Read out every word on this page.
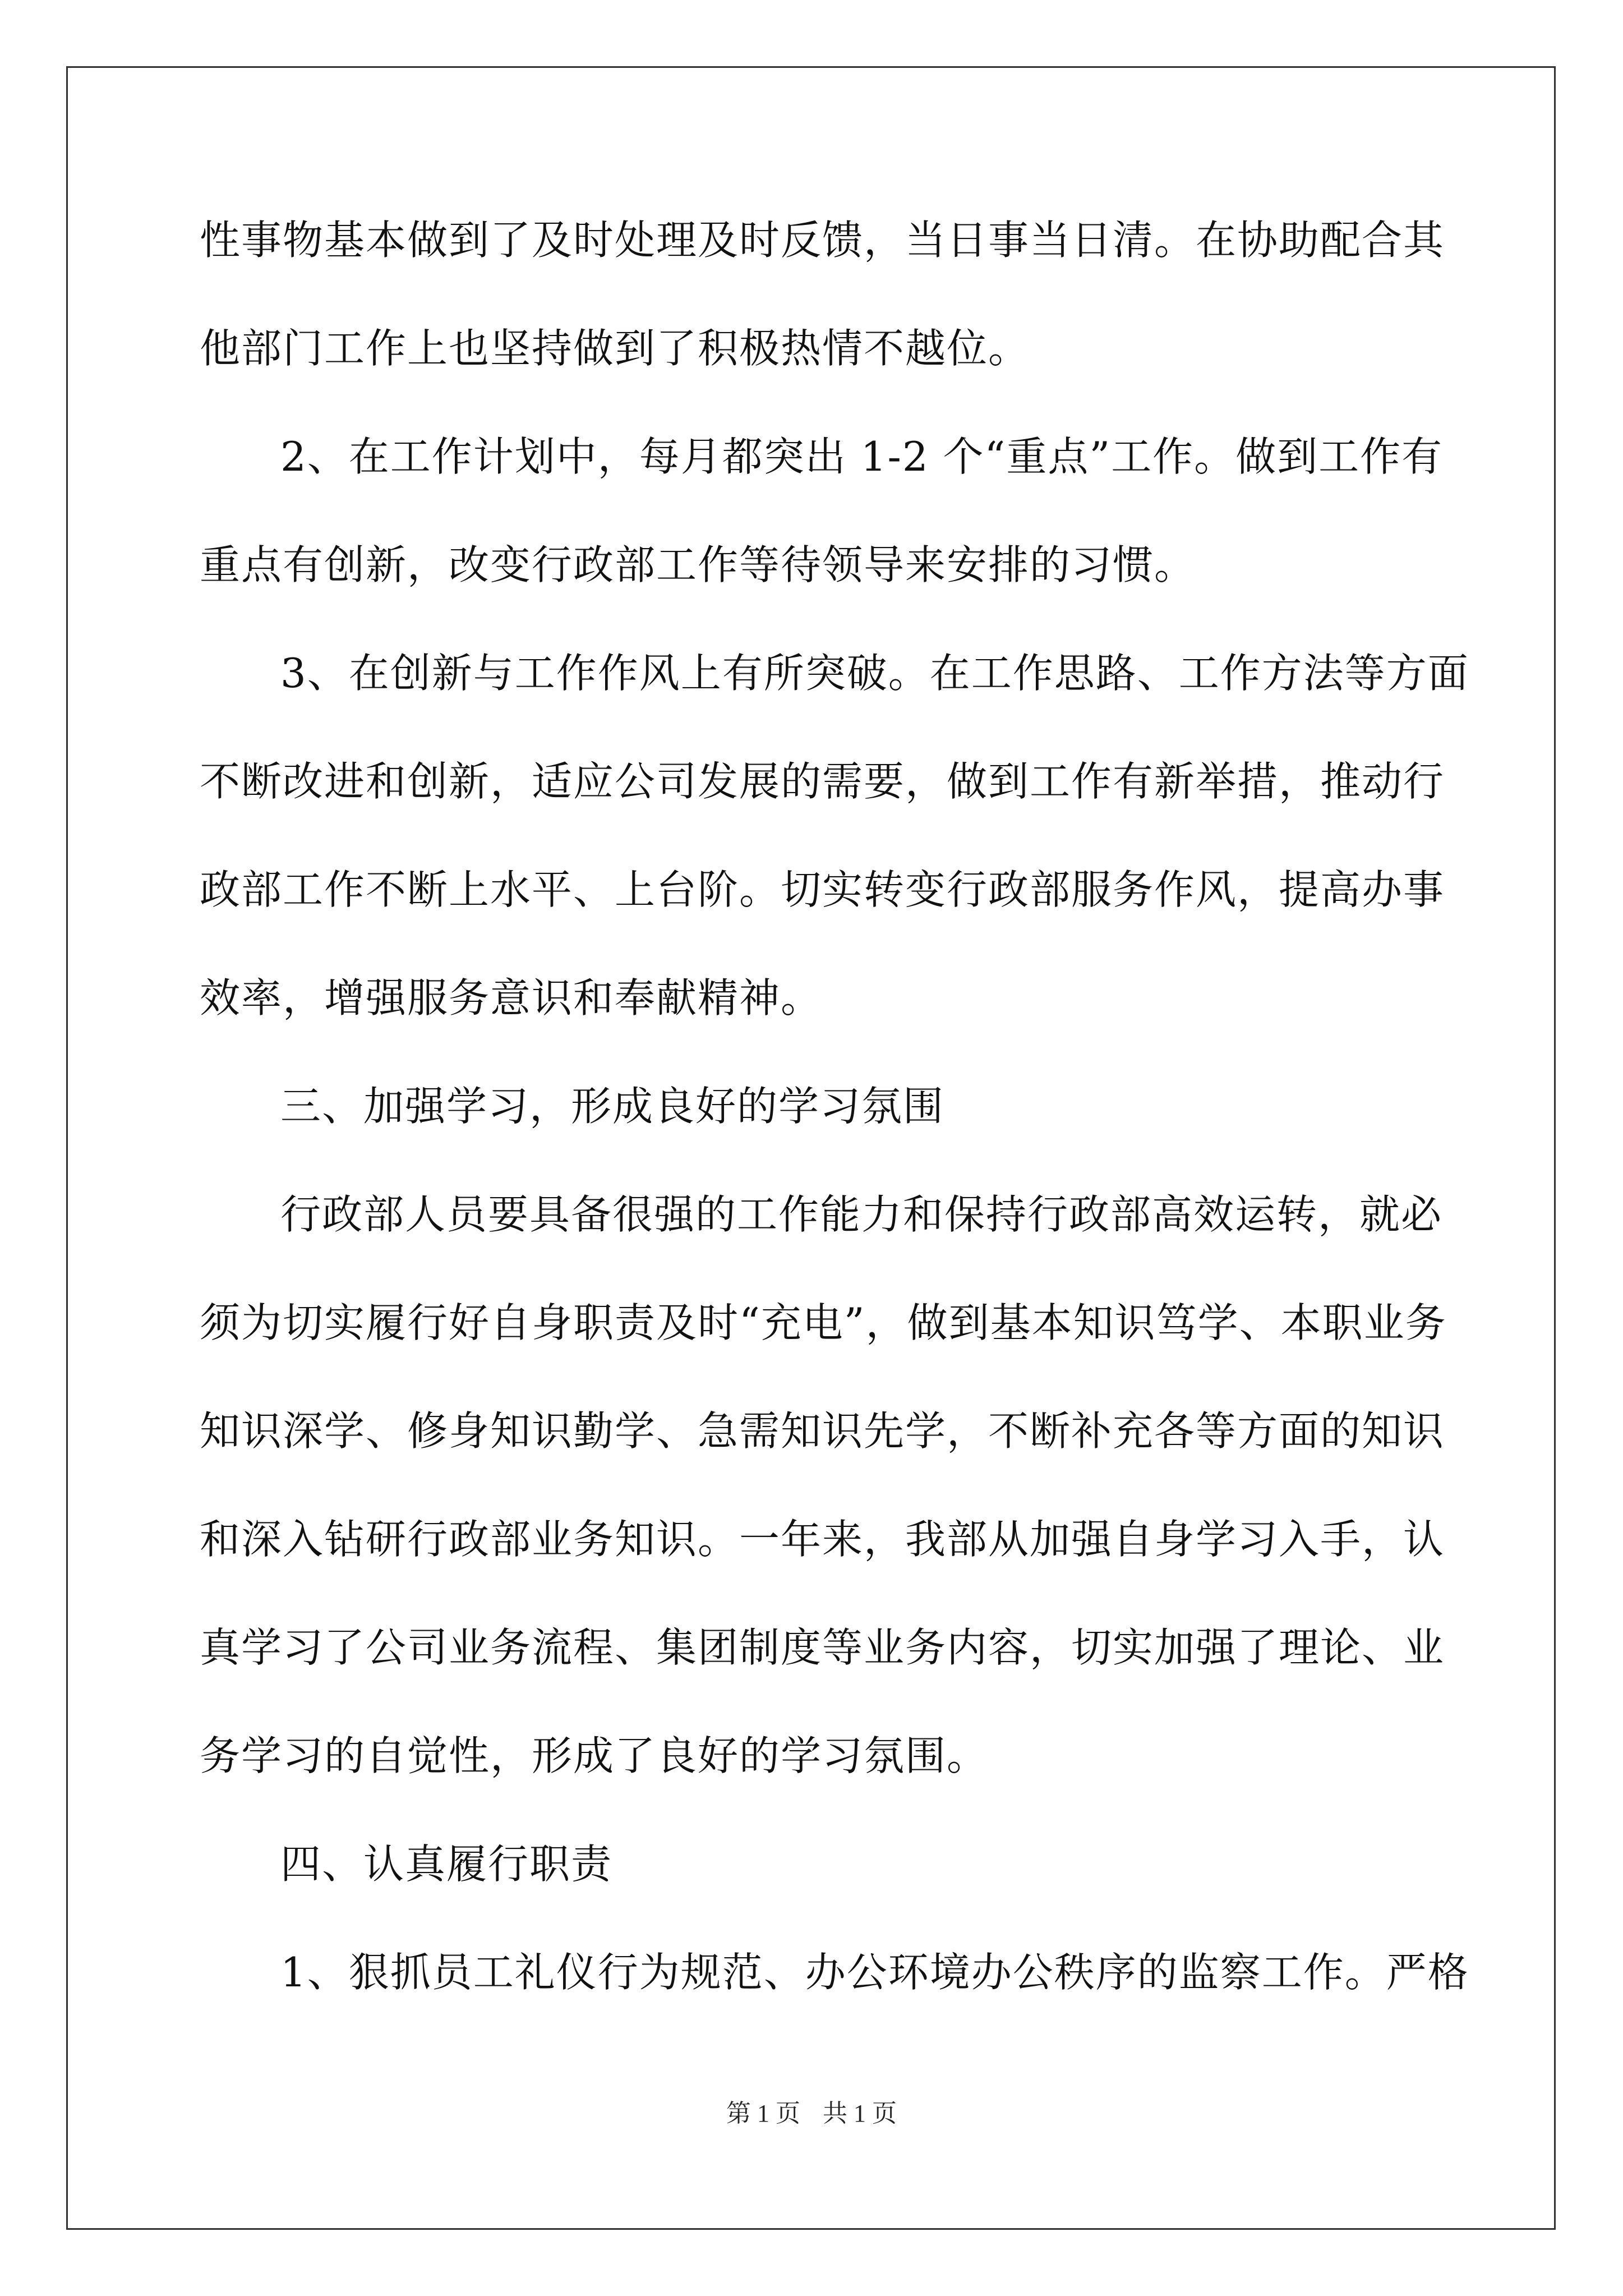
性事物基本做到了及时处理及时反馈，当日事当日清。在协助配合其
他部门工作上也坚持做到了积极热情不越位。
2、在工作计划中，每月都突出 1-2 个“重点”工作。做到工作有
重点有创新，改变行政部工作等待领导来安排的习惯。
3、在创新与工作作风上有所突破。在工作思路、工作方法等方面
不断改进和创新，适应公司发展的需要，做到工作有新举措，推动行
政部工作不断上水平、上台阶。切实转变行政部服务作风，提高办事
效率，增强服务意识和奉献精神。
三、加强学习，形成良好的学习氛围
行政部人员要具备很强的工作能力和保持行政部高效运转，就必
须为切实履行好自身职责及时“充电”，做到基本知识笃学、本职业务
知识深学、修身知识勤学、急需知识先学，不断补充各等方面的知识
和深入钻研行政部业务知识。一年来，我部从加强自身学习入手，认
真学习了公司业务流程、集团制度等业务内容，切实加强了理论、业
务学习的自觉性，形成了良好的学习氛围。
四、认真履行职责
1、狠抓员工礼仪行为规范、办公环境办公秩序的监察工作。严格
第 1 页 共 1 页
